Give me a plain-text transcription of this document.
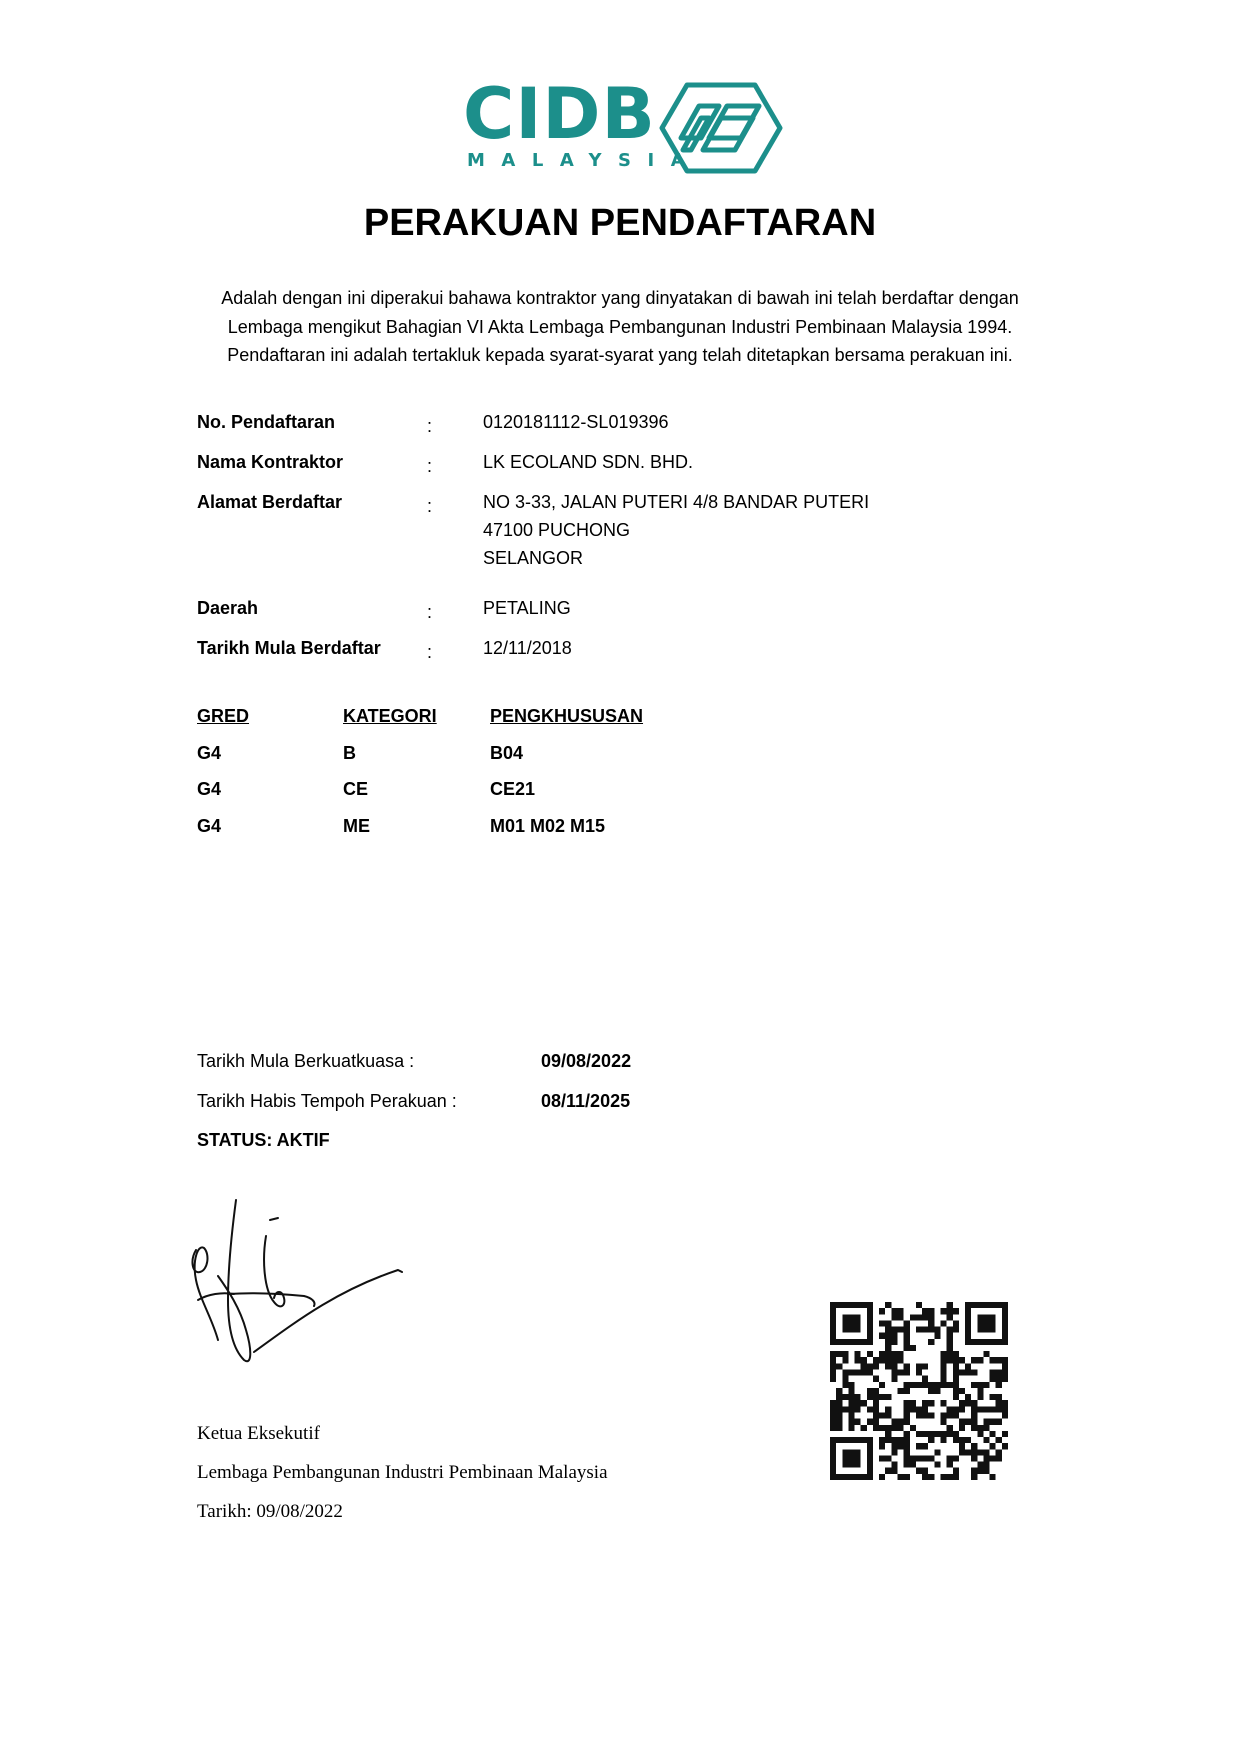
CIDB
MALAYSIA
PERAKUAN PENDAFTARAN
Adalah dengan ini diperakui bahawa kontraktor yang dinyatakan di bawah ini telah berdaftar dengan
Lembaga mengikut Bahagian VI Akta Lembaga Pembangunan Industri Pembinaan Malaysia 1994.
Pendaftaran ini adalah tertakluk kepada syarat-syarat yang telah ditetapkan bersama perakuan ini.
No. Pendaftaran	:	0120181112-SL019396
Nama Kontraktor	:	LK ECOLAND SDN. BHD.
Alamat Berdaftar	:	NO 3-33, JALAN PUTERI 4/8 BANDAR PUTERI
47100 PUCHONG
SELANGOR
Daerah	:	PETALING
Tarikh Mula Berdaftar	:	12/11/2018
GRED	KATEGORI	PENGKHUSUSAN
G4	B	B04
G4	CE	CE21
G4	ME	M01 M02 M15
Tarikh Mula Berkuatkuasa :	09/08/2022
Tarikh Habis Tempoh Perakuan :	08/11/2025
STATUS: AKTIF
Ketua Eksekutif
Lembaga Pembangunan Industri Pembinaan Malaysia
Tarikh: 09/08/2022
